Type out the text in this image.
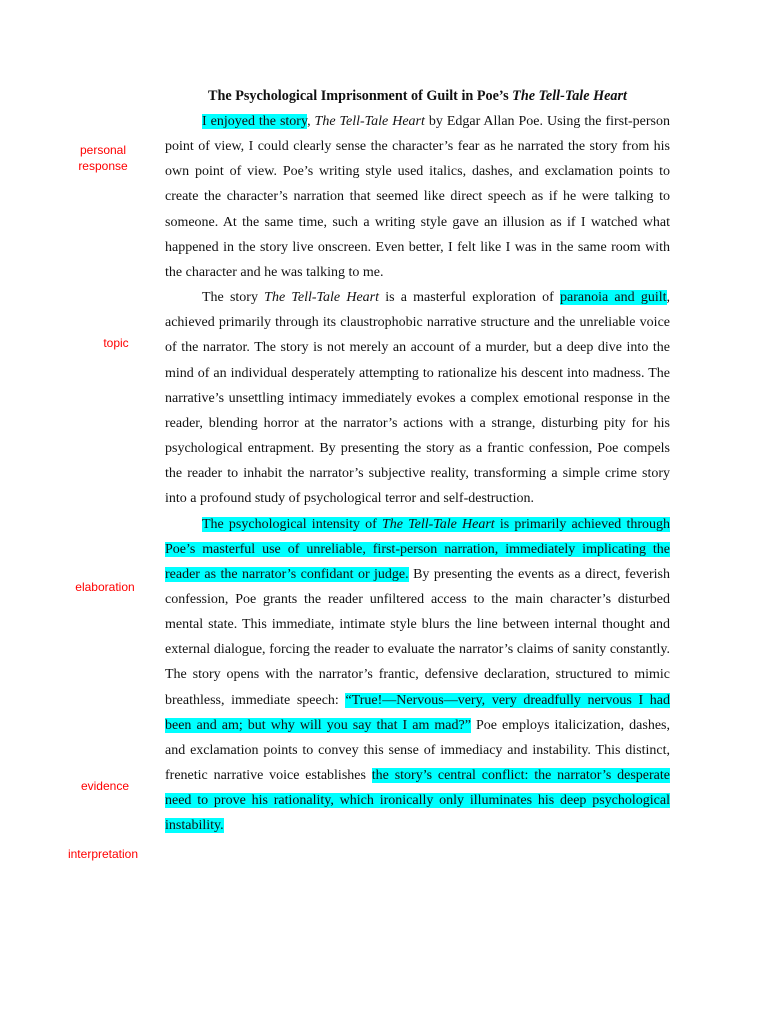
The Psychological Imprisonment of Guilt in Poe’s The Tell-Tale Heart
personal
response
topic
elaboration
evidence
interpretation

I enjoyed the story, The Tell-Tale Heart by Edgar Allan Poe. Using the first-person point of view, I could clearly sense the character’s fear as he narrated the story from his own point of view. Poe’s writing style used italics, dashes, and exclamation points to create the character’s narration that seemed like direct speech as if he were talking to someone. At the same time, such a writing style gave an illusion as if I watched what happened in the story live onscreen. Even better, I felt like I was in the same room with the character and he was talking to me.

The story The Tell-Tale Heart is a masterful exploration of paranoia and guilt, achieved primarily through its claustrophobic narrative structure and the unreliable voice of the narrator. The story is not merely an account of a murder, but a deep dive into the mind of an individual desperately attempting to rationalize his descent into madness. The narrative’s unsettling intimacy immediately evokes a complex emotional response in the reader, blending horror at the narrator’s actions with a strange, disturbing pity for his psychological entrapment. By presenting the story as a frantic confession, Poe compels the reader to inhabit the narrator’s subjective reality, transforming a simple crime story into a profound study of psychological terror and self-destruction.

The psychological intensity of The Tell-Tale Heart is primarily achieved through Poe’s masterful use of unreliable, first-person narration, immediately implicating the reader as the narrator’s confidant or judge. By presenting the events as a direct, feverish confession, Poe grants the reader unfiltered access to the main character’s disturbed mental state. This immediate, intimate style blurs the line between internal thought and external dialogue, forcing the reader to evaluate the narrator’s claims of sanity constantly. The story opens with the narrator’s frantic, defensive declaration, structured to mimic breathless, immediate speech: “True!—Nervous—very, very dreadfully nervous I had been and am; but why will you say that I am mad?” Poe employs italicization, dashes, and exclamation points to convey this sense of immediacy and instability. This distinct, frenetic narrative voice establishes the story’s central conflict: the narrator’s desperate need to prove his rationality, which ironically only illuminates his deep psychological instability.
